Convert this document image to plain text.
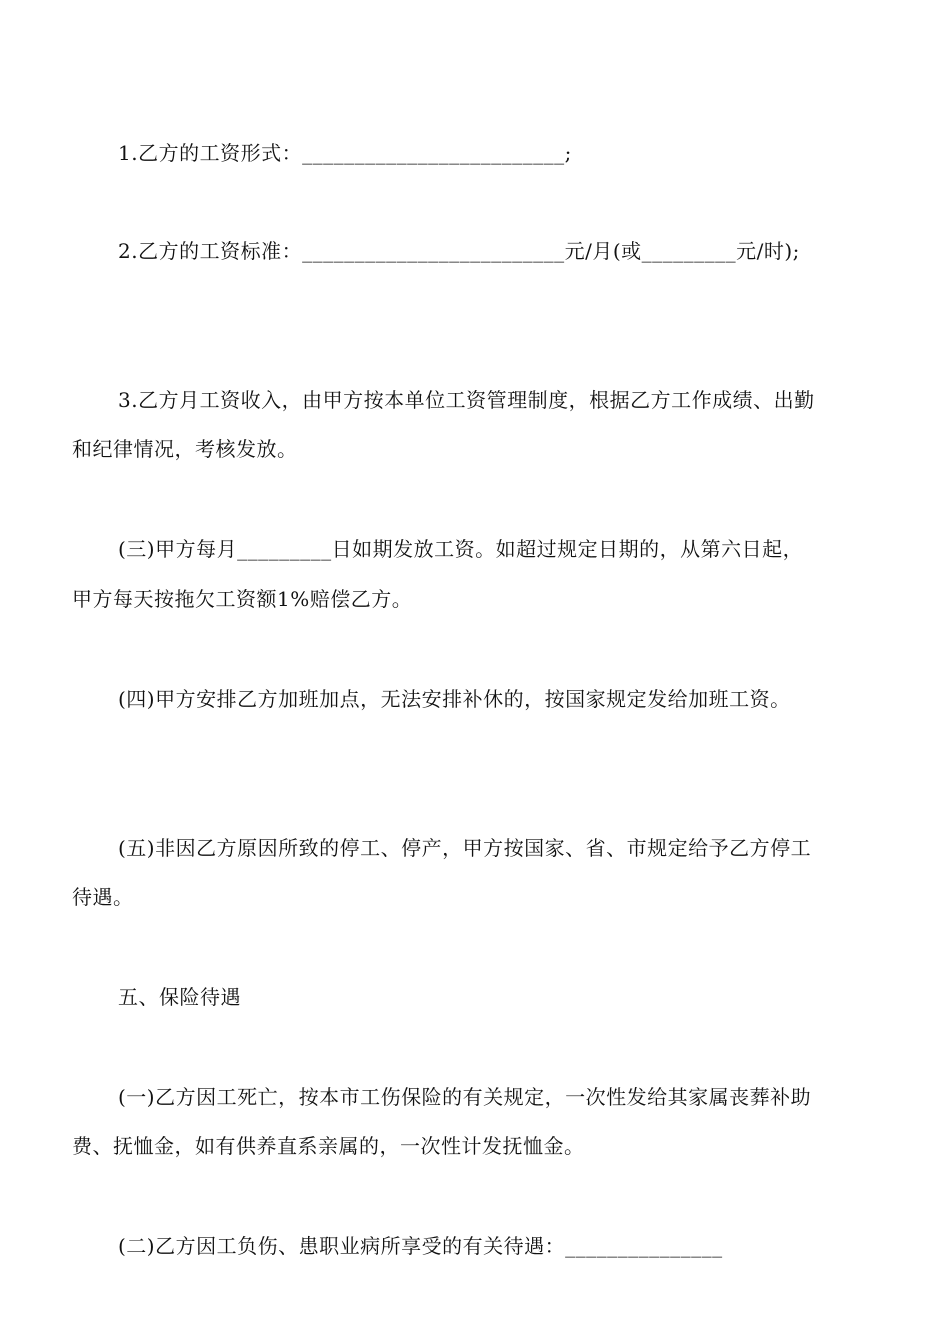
1.乙方的工资形式：_________________________;
2.乙方的工资标准：_________________________元/月(或_________元/时);
3.乙方月工资收入，由甲方按本单位工资管理制度，根据乙方工作成绩、出勤
和纪律情况，考核发放。
(三)甲方每月_________日如期发放工资。如超过规定日期的，从第六日起，
甲方每天按拖欠工资额1%赔偿乙方。
(四)甲方安排乙方加班加点，无法安排补休的，按国家规定发给加班工资。
(五)非因乙方原因所致的停工、停产，甲方按国家、省、市规定给予乙方停工
待遇。
五、保险待遇
(一)乙方因工死亡，按本市工伤保险的有关规定，一次性发给其家属丧葬补助
费、抚恤金，如有供养直系亲属的，一次性计发抚恤金。
(二)乙方因工负伤、患职业病所享受的有关待遇：_______________
